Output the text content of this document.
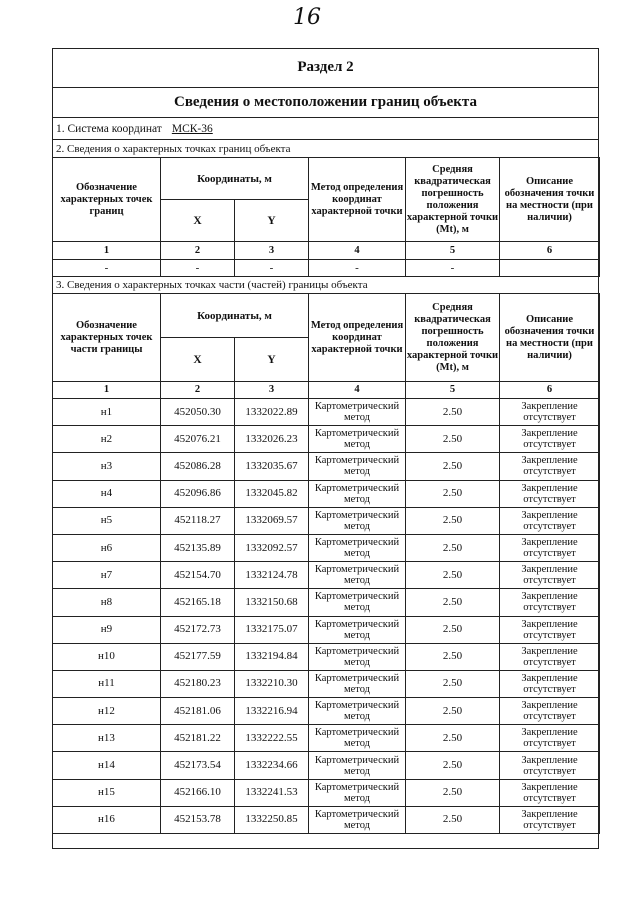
16
Раздел 2
Сведения о местоположении границ объекта
1. Система координат МСК-36
2. Сведения о характерных точках границ объекта
Обозначение характерных точек границ	Координаты, м		Метод определения координат характерной точки	Средняя квадратическая погрешность положения характерной точки (Mt), м	Описание обозначения точки на местности (при наличии)
	X	Y			
1	2	3	4	5	6
-	-	-	-	-	
3. Сведения о характерных точках части (частей) границы объекта
Обозначение характерных точек части границы	Координаты, м		Метод определения координат характерной точки	Средняя квадратическая погрешность положения характерной точки (Mt), м	Описание обозначения точки на местности (при наличии)
	X	Y			
1	2	3	4	5	6
н1	452050.30	1332022.89	Картометрический метод	2.50	Закрепление отсутствует
н2	452076.21	1332026.23	Картометрический метод	2.50	Закрепление отсутствует
н3	452086.28	1332035.67	Картометрический метод	2.50	Закрепление отсутствует
н4	452096.86	1332045.82	Картометрический метод	2.50	Закрепление отсутствует
н5	452118.27	1332069.57	Картометрический метод	2.50	Закрепление отсутствует
н6	452135.89	1332092.57	Картометрический метод	2.50	Закрепление отсутствует
н7	452154.70	1332124.78	Картометрический метод	2.50	Закрепление отсутствует
н8	452165.18	1332150.68	Картометрический метод	2.50	Закрепление отсутствует
н9	452172.73	1332175.07	Картометрический метод	2.50	Закрепление отсутствует
н10	452177.59	1332194.84	Картометрический метод	2.50	Закрепление отсутствует
н11	452180.23	1332210.30	Картометрический метод	2.50	Закрепление отсутствует
н12	452181.06	1332216.94	Картометрический метод	2.50	Закрепление отсутствует
н13	452181.22	1332222.55	Картометрический метод	2.50	Закрепление отсутствует
н14	452173.54	1332234.66	Картометрический метод	2.50	Закрепление отсутствует
н15	452166.10	1332241.53	Картометрический метод	2.50	Закрепление отсутствует
н16	452153.78	1332250.85	Картометрический метод	2.50	Закрепление отсутствует
